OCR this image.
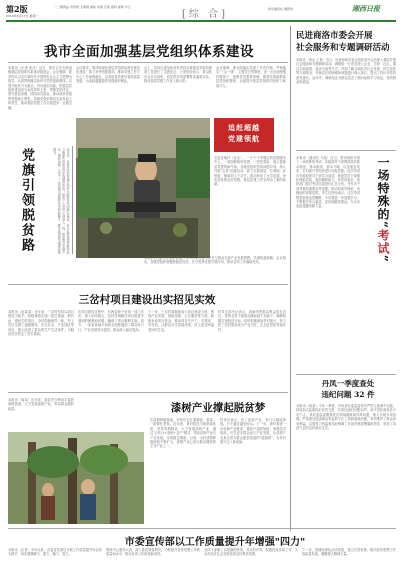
第2版
2019年6月17日 星期一
一二期网站 市州网 文明网 国际·军团 百里 视听·视频 今日
[综 合]	新华通讯社·湘西州	湘西日报
我市全面加强基层党组织体系建设
本报讯（记者 张彦）近日，我市召开全面加强基层党组织体系建设推进会。会议强调，要坚持以习近平新时代中国特色社会主义思想为指导，认真贯彻落实新时代党的组织路线，以提升组织力为重点，突出政治功能，把基层党组织建设成为宣传党的主张、贯彻党的决定、领导基层治理、团结动员群众、推动改革发展的坚强战斗堡垒。各级党组织要切实担负起主体责任，推动基层党建工作全面进步、全面过硬。
会议要求，要持续深化基层党组织标准化规范化建设，着力补齐短板弱项，推动党建工作与中心工作深度融合，以高质量党建引领高质量发展，为追赶超越提供坚强组织保证。
会上，各县区委组织部负责同志就基层党组织建设工作进行了交流发言，大家纷纷表示，要以此次会议为契机，切实把各项部署要求落到实处，推动基层党建工作再上新台阶。
会议强调，要全面落实党建工作责任制，严格落实"三会一课"、主题党日等制度，进一步选优配强村级班子，加强党员教育管理，推进软弱涣散基层党组织整顿，全面提升基层党组织的组织力和战斗力。
党旗引领脱贫路	近年来，我市坚持把党建引领作为脱贫攻坚的根本保证，充分发挥基层党组织战斗堡垒作用和党员先锋模范作用，组织广大党员干部深入一线，帮助群众发展产业、增收致富，走出了一条党建引领脱贫攻坚的新路子，群众获得感幸福感显著提升。
追赶超越
党建领航
走进各地村（社区），一个个干净整洁的党群服务中心、一面面鲜艳的党旗、一张张笑脸，展示着基层党建的新气象。各级党组织坚持问题导向，深入开展"五星"创建活动，着力在抓基层、打基础、补短板、强弱项上下功夫，推动形成了比学赶超、争先创优的良好氛围，基层党建工作呈现出了新的面貌。
本报记者 通讯员 摄影报道。图为村党支部书记在与群众交流产业发展思路，共谋致富新路。会议指出，各级党组织要聚焦脱贫攻坚，充分发挥党建引领作用，推动各项工作落地见效。
民进商洛市委会开展
社会服务和专题调研活动
本报讯（刘洁 王某）近日，民进商洛市委会组织部分会员深入基层开展社会服务和专题调研活动。调研组一行先后深入企业、学校、社区，通过实地查看、座谈交流等方式，详细了解当地经济社会发展、民生改善等方面情况，并就存在的困难和问题进行深入探讨，提出了有针对性的意见建议。活动中，调研组还为群众送去了慰问品和学习用品，受到群众的欢迎。
本报讯（通讯员 马某）近日，我市组织开展了一场特殊的考试。各级领导干部围绕党的基本理论、基本路线、基本方略，以及脱贫攻坚、乡村振兴等知识进行闭卷答题。此次考试旨在检验领导干部学习成效，督促党员干部强化理论武装，提高履职能力。考试结束后，组织部门将对考试结果进行汇总分析，并作为干部考核的重要参考依据，推动形成学理论、用理论的浓厚氛围。考生们纷纷表示，这次考试既是检验也是鞭策，今后要进一步加强学习，不断提升综合素质，更好地服务群众，为全市追赶超越贡献力量。	一场特殊的“考试”
丹凤一季度查处
违纪问题 32 件
本报讯（杨某）今年一季度，丹凤县纪委监委坚持严的主基调不动摇，持续加大监督执纪问责力度，共查处违纪问题32件，给予党纪政务处分若干人。县纪委监委聚焦扶贫领域腐败和作风问题，深入开展专项治理，严肃查处侵害群众利益的不正之风和腐败问题，有效维护了群众切身利益，以强有力的监督执纪保障了各项决策部署落地见效，营造了风清气正的良好政治生态。
三岔村项目建设出实招见实效
本报讯（赵某某）近年来，三岔村坚持以项目建设为抓手，积极谋划实施一批打基础、利长远、惠民生的项目，全村面貌焕然一新。村上先后实施了道路硬化、安全饮水、产业园区等项目，极大改善了群众的生产生活条件，为脱贫攻坚奠定了坚实基础。
在项目建设过程中，村两委班子坚持一线工作法，深入田间地头，及时协调解决项目推进中遇到的困难和问题，确保了项目顺利实施。如今，一条条宽阔平坦的水泥路通到了群众家门口，产业发展势头强劲，群众收入稳步提高。
下一步，三岔村将继续加大项目建设力度，围绕产业发展、基础设施、公共服务等方面，积极争取项目资金，推动项目早开工、早建成、早见效，让群众共享发展成果，过上更加幸福美好的生活。
村党支部书记表示，将始终把群众利益放在首位，带领全村干部群众撸起袖子加油干，确保如期实现脱贫目标，同时积极谋划乡村振兴，努力把三岔村建设成为产业兴旺、生态宜居的美丽乡村。
本报讯（周某）近年来，我县充分利用丰富的漆树资源，大力发展漆树产业，带动群众增收致富。	漆树产业撑起脱贫梦
在漆树种植基地，村民们正忙着割漆、收漆，一派繁忙景象。近年来，该村依托当地资源优势，坚持因地制宜，大力发展漆树产业，通过"合作社+基地+农户"模式，带动贫困户参与产业发展，实现稳定增收。目前，全村漆树种植面积不断扩大，漆树产业已成为群众增收的主导产业之一。
村民们表示，有了漆树产业，家门口就能挣钱，日子越过越有盼头。下一步，该村将进一步延伸产业链条，提高产品附加值，加强技术培训，引导更多群众参与产业发展，让漆树产业真正成为群众脱贫致富的"摇钱树"，为乡村振兴注入新动能。
市委宣传部以工作质量提升年增强"四力"
本报讯（记者）今年以来，市委宣传部以开展工作质量提升年活动为抓手，切实增强脚力、眼力、脑力、笔力。
围绕中心服务大局，深入基层调查研究，不断提升宣传思想工作的质量和水平，推动各项工作取得新成效。
全体干部职工以饱满的热情、务实的作风，积极投身各项工作，为全市经济社会发展营造良好舆论氛围。
下一步，将继续深化活动成果，建立长效机制，推动宣传思想工作高质量发展，凝聚强大精神力量。
